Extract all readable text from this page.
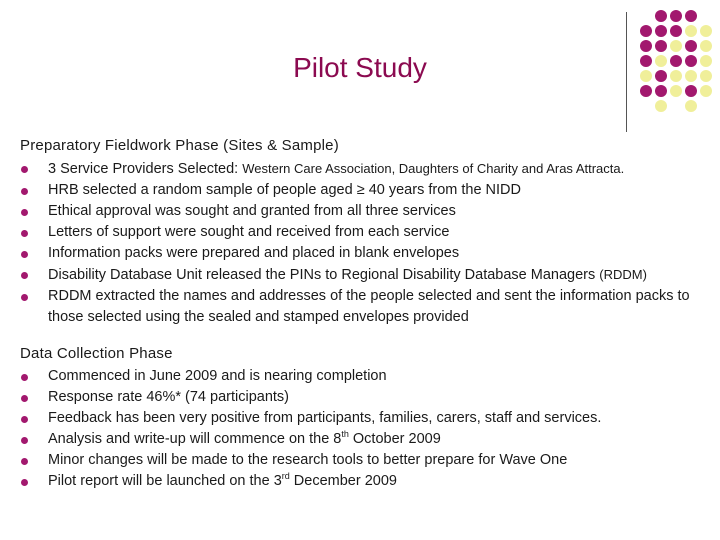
Pilot Study
Preparatory Fieldwork Phase (Sites & Sample)
3 Service Providers Selected: Western Care Association, Daughters of Charity and Aras Attracta.
HRB selected a random sample of people aged ≥ 40 years from the NIDD
Ethical approval was sought and granted from all three services
Letters of support were sought and received from each service
Information packs were prepared and placed in blank envelopes
Disability Database Unit released the PINs to Regional Disability Database Managers (RDDM)
RDDM extracted the names and addresses of the people selected and sent the information packs to those selected using the sealed and stamped envelopes provided
Data Collection Phase
Commenced in June 2009 and is nearing completion
Response rate 46%* (74 participants)
Feedback has been very positive from participants, families, carers, staff and services.
Analysis and write-up will commence on the 8th October 2009
Minor changes will be made to the research tools to better prepare for Wave One
Pilot report will be launched on the 3rd December 2009
